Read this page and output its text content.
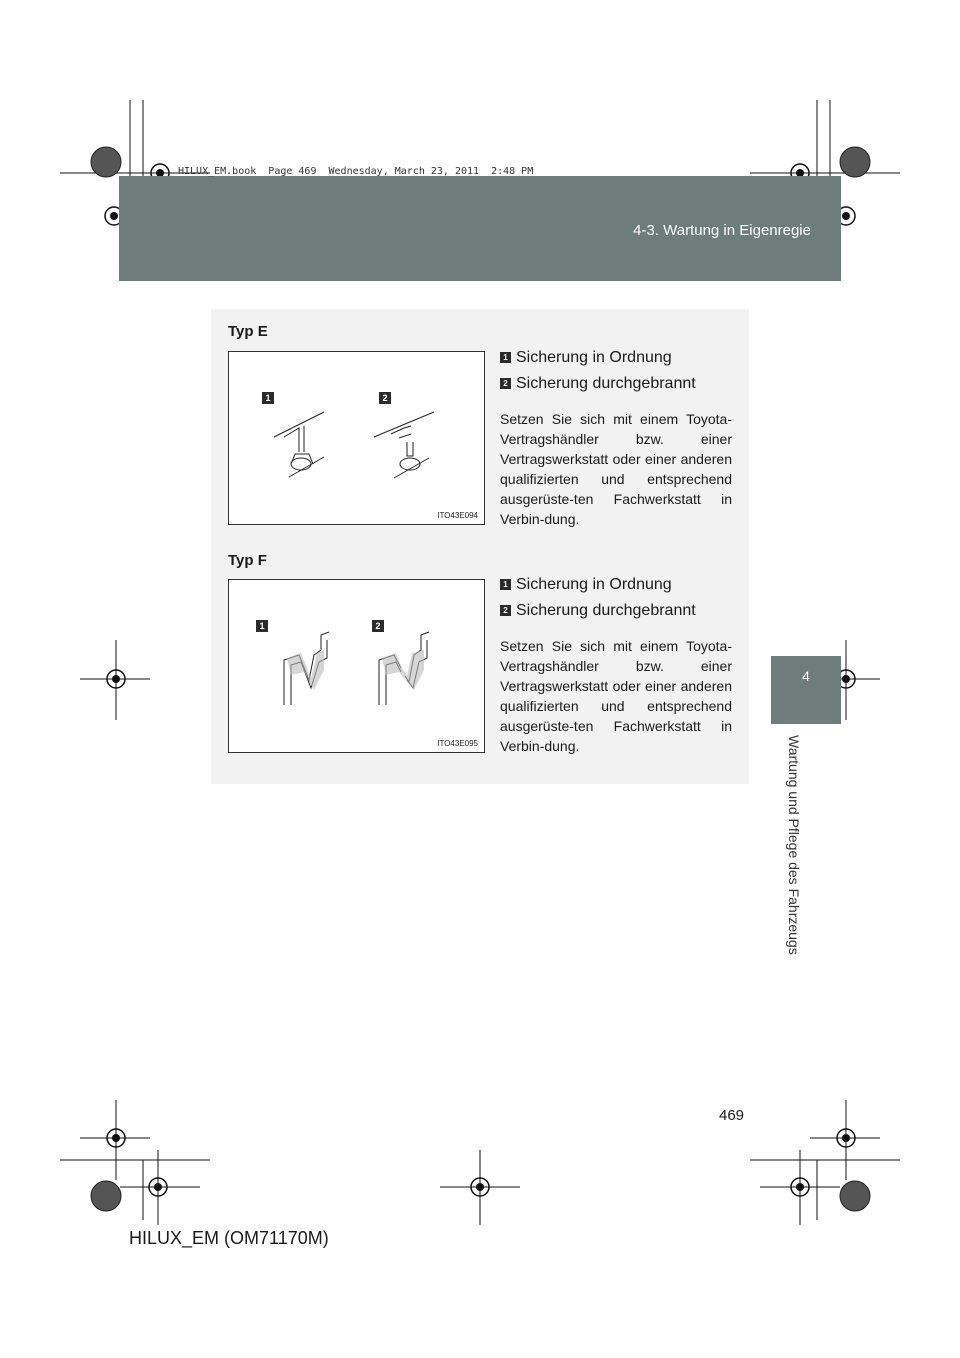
4-3. Wartung in Eigenregie
HILUX_EM.book  Page 469  Wednesday, March 23, 2011  2:48 PM
4
Wartung und Pflege des Fahrzeugs
Typ E
1	2
ITO43E094
1 Sicherung in Ordnung
2 Sicherung durchgebrannt
Setzen Sie sich mit einem Toyota-Vertragshändler bzw. einer Vertragswerkstatt oder einer anderen qualifizierten und entsprechend ausgerüste-ten Fachwerkstatt in Verbin-dung.
Typ F
1	2
ITO43E095
1 Sicherung in Ordnung
2 Sicherung durchgebrannt
Setzen Sie sich mit einem Toyota-Vertragshändler bzw. einer Vertragswerkstatt oder einer anderen qualifizierten und entsprechend ausgerüste-ten Fachwerkstatt in Verbin-dung.
469
HILUX_EM (OM71170M)
